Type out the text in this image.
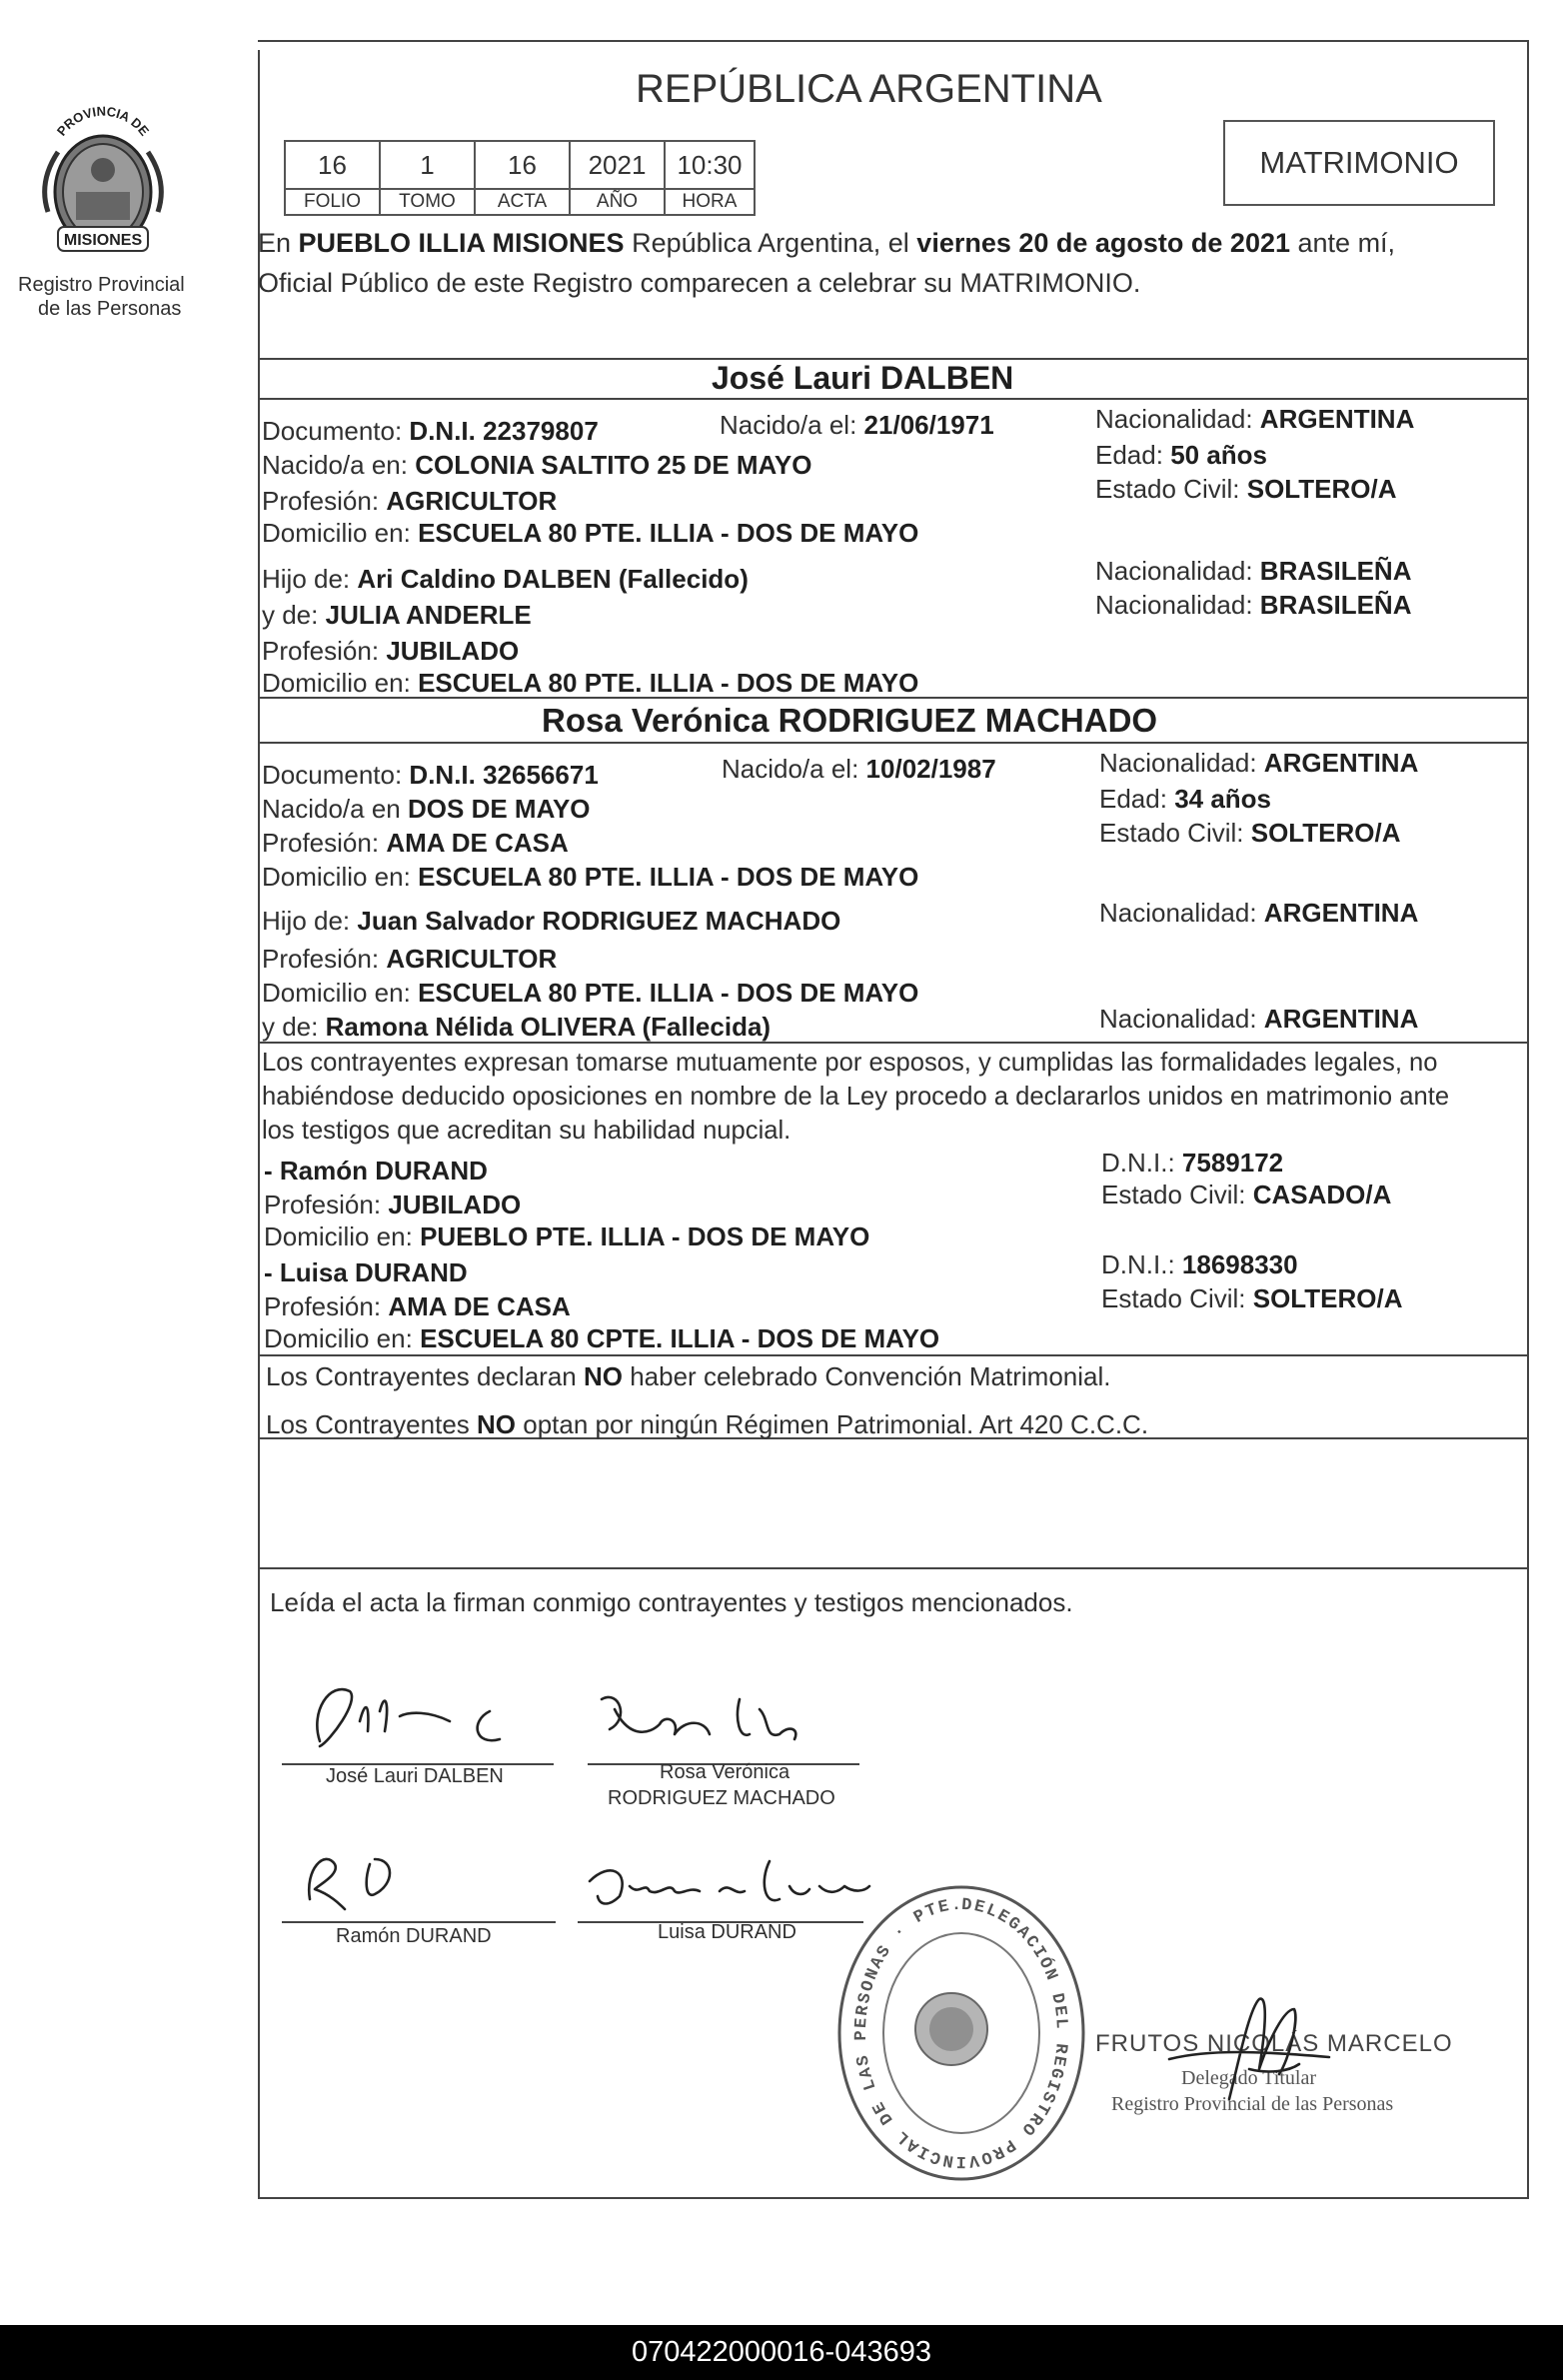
PROVINCIA DE
MISIONES
Registro Provincial
de las Personas
REPÚBLICA ARGENTINA
16	1	16	2021	10:30
FOLIO	TOMO	ACTA	AÑO	HORA
MATRIMONIO
En PUEBLO ILLIA MISIONES República Argentina, el viernes 20 de agosto de 2021 ante mí,
Oficial Público de este Registro comparecen a celebrar su MATRIMONIO.
José Lauri DALBEN
Documento: D.N.I. 22379807	Nacido/a el: 21/06/1971	Nacionalidad: ARGENTINA
Nacido/a en: COLONIA SALTITO 25 DE MAYO	Edad: 50 años
Profesión: AGRICULTOR	Estado Civil: SOLTERO/A
Domicilio en: ESCUELA 80 PTE. ILLIA - DOS DE MAYO
Hijo de: Ari Caldino DALBEN (Fallecido)	Nacionalidad: BRASILEÑA
y de: JULIA ANDERLE	Nacionalidad: BRASILEÑA
Profesión: JUBILADO
Domicilio en: ESCUELA 80 PTE. ILLIA - DOS DE MAYO
Rosa Verónica RODRIGUEZ MACHADO
Documento: D.N.I. 32656671	Nacido/a el: 10/02/1987	Nacionalidad: ARGENTINA
Nacido/a en DOS DE MAYO	Edad: 34 años
Profesión: AMA DE CASA	Estado Civil: SOLTERO/A
Domicilio en: ESCUELA 80 PTE. ILLIA - DOS DE MAYO
Hijo de: Juan Salvador RODRIGUEZ MACHADO	Nacionalidad: ARGENTINA
Profesión: AGRICULTOR
Domicilio en: ESCUELA 80 PTE. ILLIA - DOS DE MAYO
y de: Ramona Nélida OLIVERA (Fallecida)	Nacionalidad: ARGENTINA
Los contrayentes expresan tomarse mutuamente por esposos, y cumplidas las formalidades legales, no
habiéndose deducido oposiciones en nombre de la Ley procedo a declararlos unidos en matrimonio ante
los testigos que acreditan su habilidad nupcial.
- Ramón DURAND
Profesión: JUBILADO
Domicilio en: PUEBLO PTE. ILLIA - DOS DE MAYO
D.N.I.: 7589172
Estado Civil: CASADO/A
- Luisa DURAND
Profesión: AMA DE CASA
Domicilio en: ESCUELA 80 CPTE. ILLIA - DOS DE MAYO
D.N.I.: 18698330
Estado Civil: SOLTERO/A
Los Contrayentes declaran NO haber celebrado Convención Matrimonial.
Los Contrayentes NO optan por ningún Régimen Patrimonial. Art 420 C.C.C.
Leída el acta la firman conmigo contrayentes y testigos mencionados.
José Lauri DALBEN	Rosa Verónica
RODRIGUEZ MACHADO
Ramón DURAND	Luisa DURAND
DELEGACIÓN DEL REGISTRO PROVINCIAL DE LAS PERSONAS · PTE.
FRUTOS NICOLÁS MARCELO
Delegado Titular
Registro Provincial de las Personas
070422000016-043693
